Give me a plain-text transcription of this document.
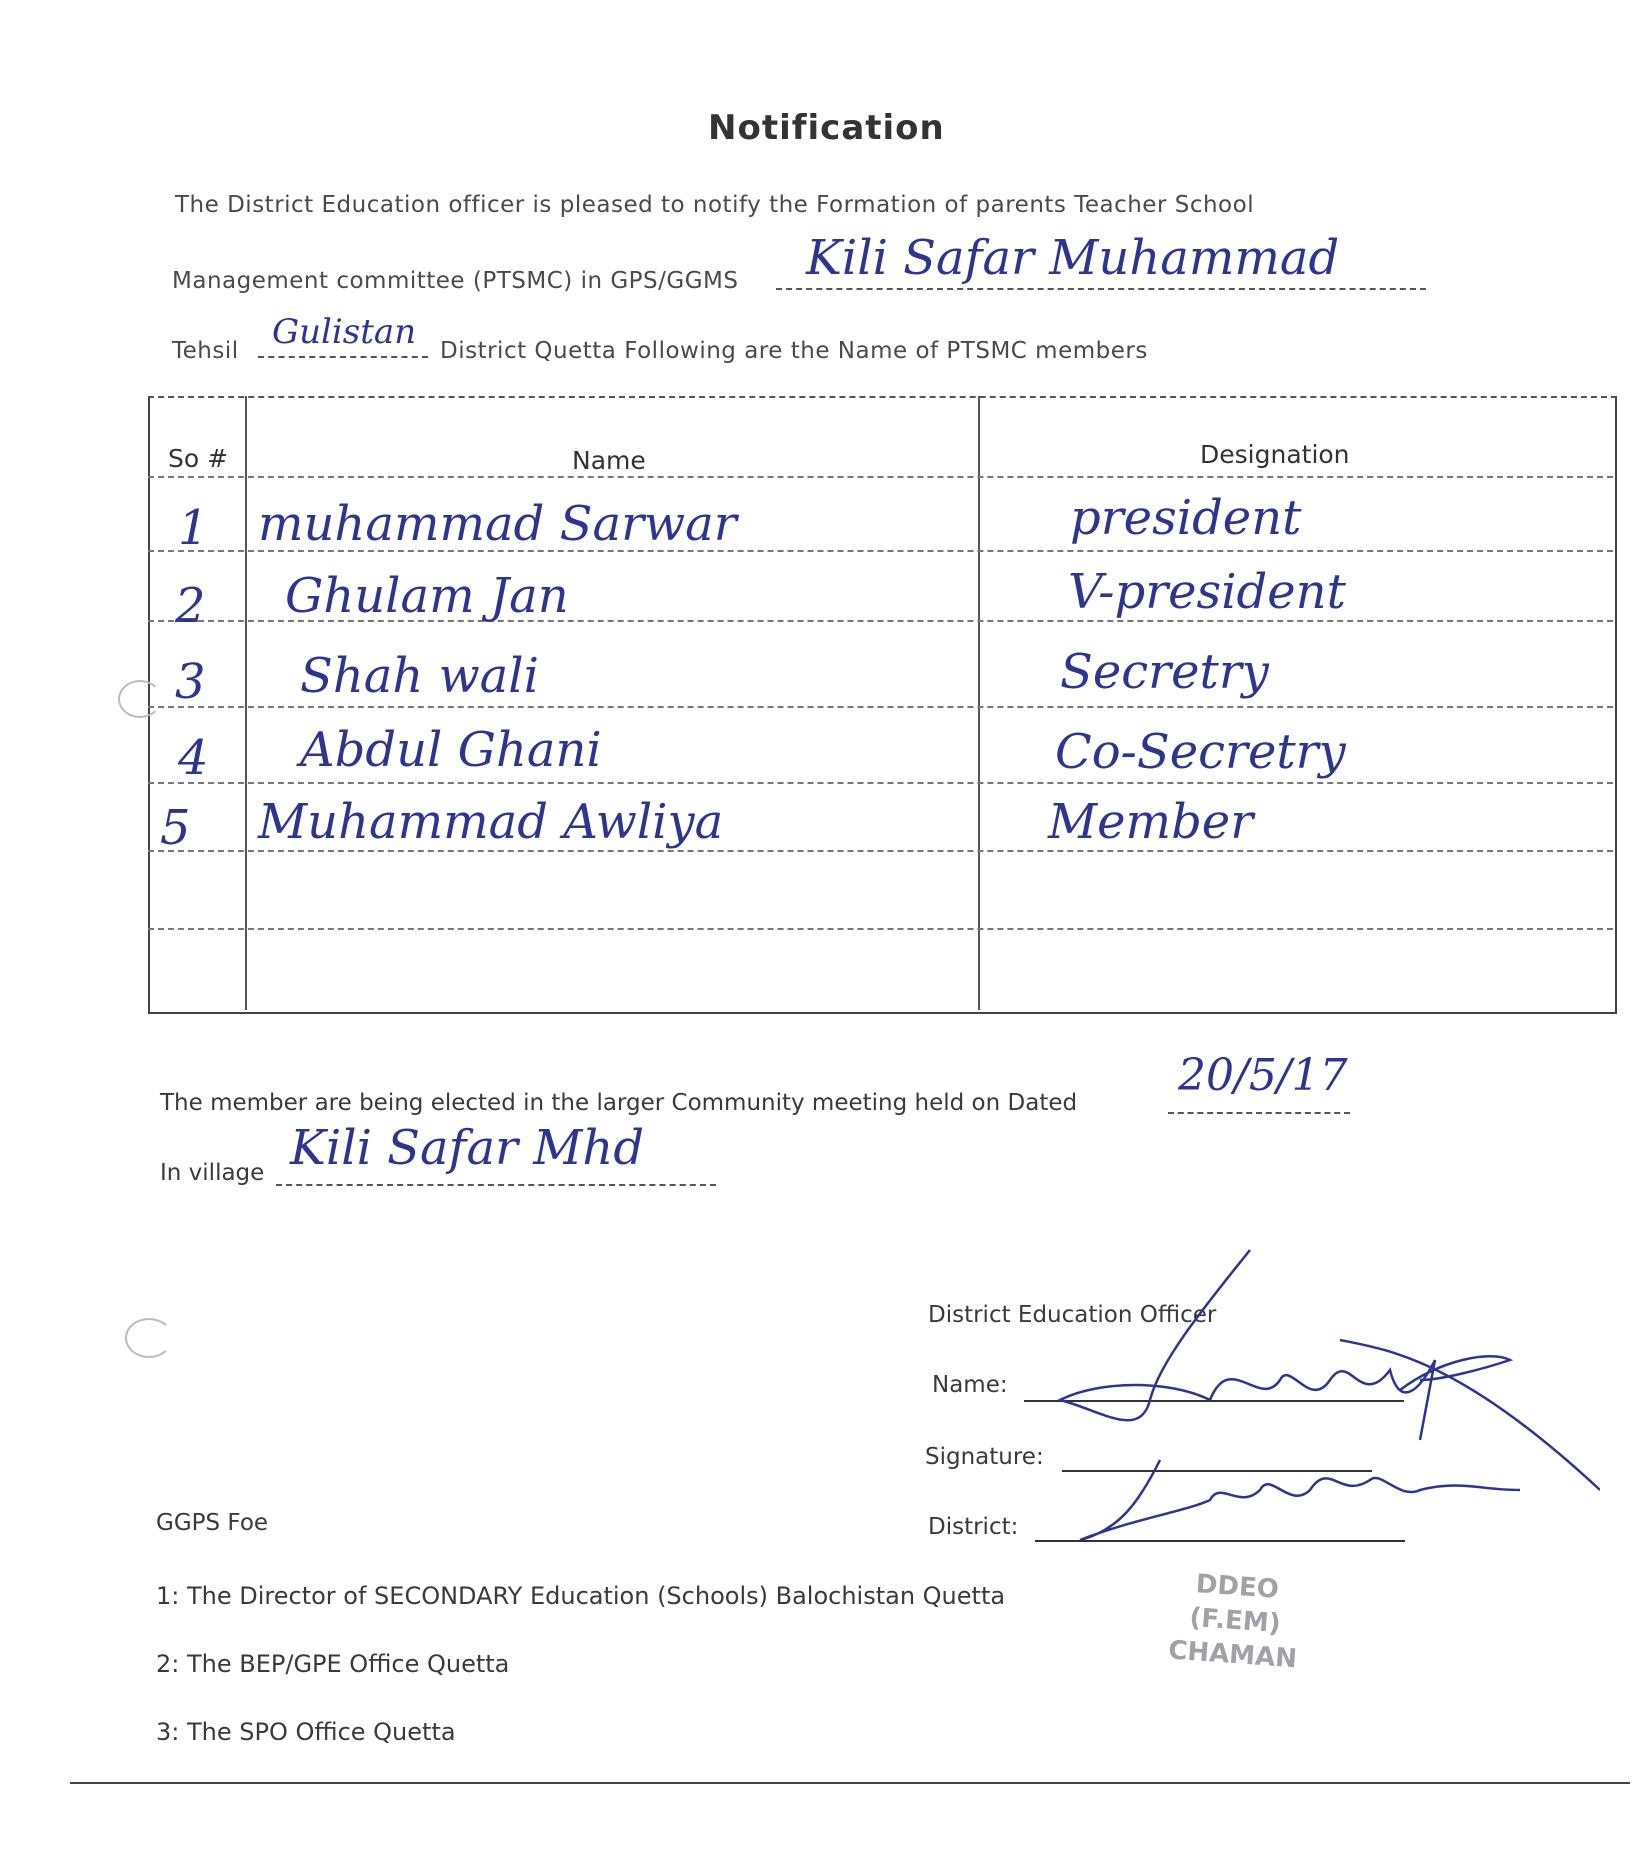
Notification
The District Education officer is pleased to notify the Formation of parents Teacher School
Management committee (PTSMC) in GPS/GGMS	Kili Safar Muhammad
Tehsil Gulistan	District Quetta Following are the Name of PTSMC members
So #	Name	Designation
1 muhammad Sarwar	president
2 Ghulam Jan	V-president
3 Shah wali	Secretry
4 Abdul Ghani	Co-Secretry
5 Muhammad Awliya	Member
The member are being elected in the larger Community meeting held on Dated
20/5/17
In village Kili Safar Mhd
District Education Officer
Name:
Signature:
District:
DDEO
(F.EM)
CHAMAN
GGPS Foe
1: The Director of SECONDARY Education (Schools) Balochistan Quetta
2: The BEP/GPE Office Quetta
3: The SPO Office Quetta
